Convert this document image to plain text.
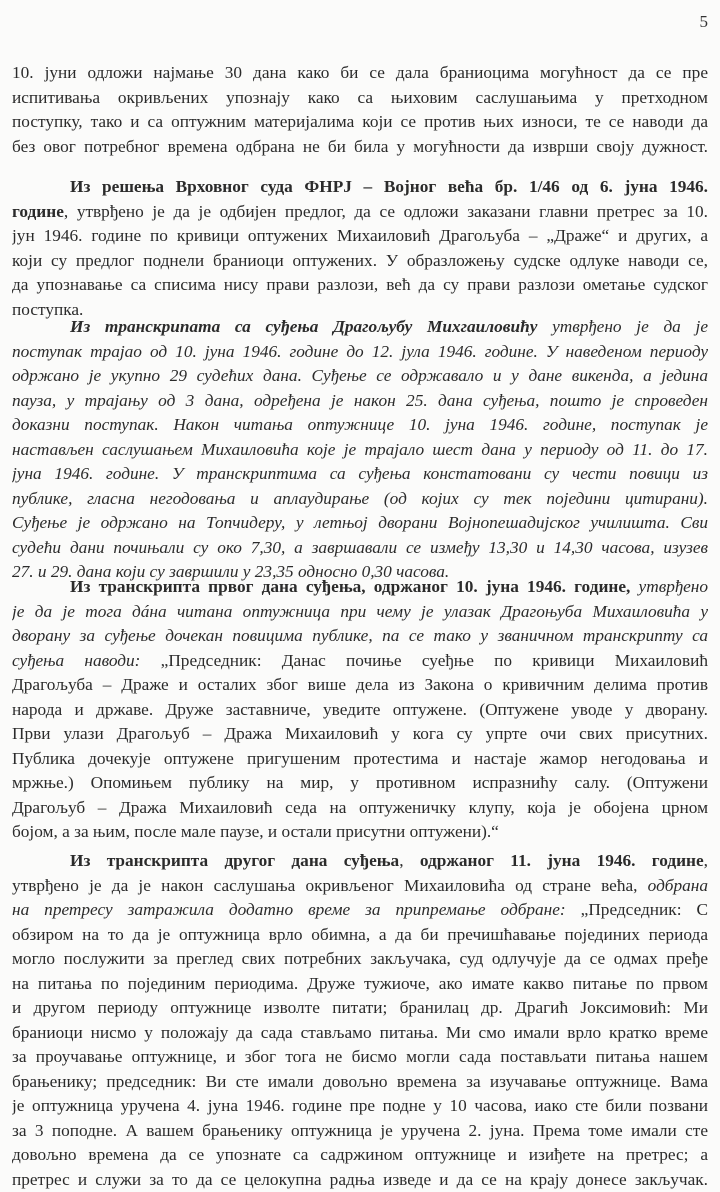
5
10. јуни одложи најмање 30 дана како би се дала браниоцима могућност да се пре
испитивања окривљених упознају како са њиховим саслушањима у претходном
поступку, тако и са оптужним материјалима који се против њих износи, те се наводи да
без овог потребног времена одбрана не би била у могућности да изврши своју дужност.
Из решења Врховног суда ФНРЈ – Војног већа бр. 1/46 од 6. јуна 1946.
године, утврђено је да је одбијен предлог, да се одложи заказани главни претрес за 10.
јун 1946. године по кривици оптужених Михаиловић Драгољуба – „Драже“ и других, а
који су предлог поднели браниоци оптужених. У образложењу судске одлуке наводи се,
да упознавање са списима нису прави разлози, већ да су прави разлози ометање судског
поступка.
Из транскрипата са суђења Драгољубу Михгаиловићу утврђено је да је
поступак трајао од 10. јуна 1946. године до 12. јула 1946. године. У наведеном периоду
одржано је укупно 29 судећих дана. Суђење се одржавало и у дане викенда, а једина
пауза, у трајању од 3 дана, одређена је након 25. дана суђења, пошто је спроведен
доказни поступак. Након читања оптужнице 10. јуна 1946. године, поступак је
настављен саслушањем Михаиловића које је трајало шест дана у периоду од 11. до 17.
јуна 1946. године. У транскриптима са суђења констатовани су чести повици из
публике, гласна негодовања и аплаудирање (од којих су тек поједини цитирани).
Суђење је одржано на Топчидеру, у летњој дворани Војнопешадијског училишта. Сви
судећи дани почињали су око 7,30, а завршавали се између 13,30 и 14,30 часова, изузев
27. и 29. дана који су завршили у 23,35 односно 0,30 часова.
Из транскрипта првог дана суђења, одржаног 10. јуна 1946. године, утврђено
је да је тога дáна читана оптужница при чему је улазак Драгоњуба Михаиловића у
дворану за суђење дочекан повицима публике, па се тако у званичном транскрипту са
суђења наводи: „Председник: Данас почиње суеђње по кривици Михаиловић
Драгољуба – Драже и осталих због више дела из Закона о кривичним делима против
народа и државе. Друже заставниче, уведите оптужене. (Оптужене уводе у дворану.
Први улази Драгољуб – Дража Михаиловић у кога су упрте очи свих присутних.
Публика дочекује оптужене пригушеним протестима и настаје жамор негодовања и
мржње.) Опомињем публику на мир, у противном испразнићу салу. (Оптужени
Драгољуб – Дража Михаиловић седа на оптуженичку клупу, која је обојена црном
бојом, а за њим, после мале паузе, и остали присутни оптужени).“
Из транскрипта другог дана суђења, одржаног 11. јуна 1946. године,
утврђено је да је након саслушања окривљеног Михаиловића од стране већа, одбрана
на претресу затражила додатно време за припремање одбране: „Председник: С
обзиром на то да је оптужница врло обимна, а да би пречишћавање појединих периода
могло послужити за преглед свих потребних закључака, суд одлучује да се одмах пређе
на питања по појединим периодима. Друже тужиоче, ако имате какво питање по првом
и другом периоду оптужнице изволте питати; бранилац др. Драгић Јоксимовић: Ми
браниоци нисмо у положају да сада стављамо питања. Ми смо имали врло кратко време
за проучавање оптужнице, и због тога не бисмо могли сада постављати питања нашем
брањенику; председник: Ви сте имали довољно времена за изучавање оптужнице. Вама
је оптужница уручена 4. јуна 1946. године пре подне у 10 часова, иако сте били позвани
за 3 поподне. А вашем брањенику оптужница је уручена 2. јуна. Према томе имали сте
довољно времена да се упознате са садржином оптужнице и изиђете на претрес; а
претрес и служи за то да се целокупна радња изведе и да се на крају донесе закључак.
